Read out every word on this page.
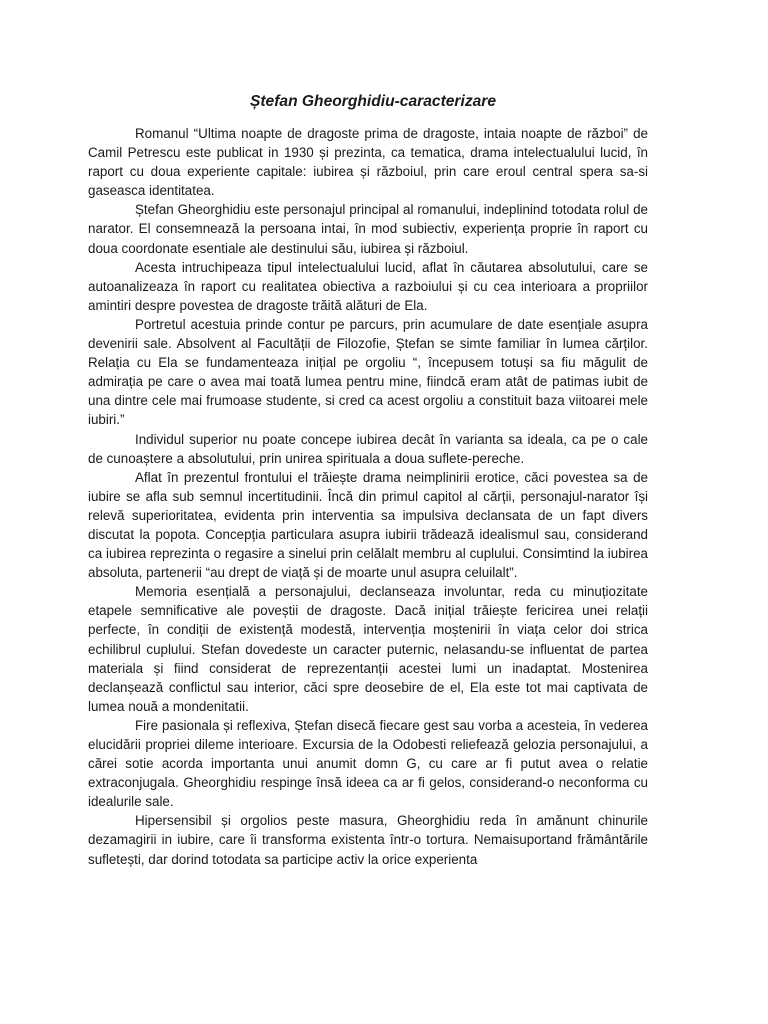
Ștefan Gheorghidiu-caracterizare

Romanul “Ultima noapte de dragoste prima de dragoste, intaia noapte de război” de Camil Petrescu este publicat in 1930 și prezinta, ca tematica, drama intelectualului lucid, în raport cu doua experiente capitale: iubirea și războiul, prin care eroul central spera sa-si gaseasca identitatea.

Ștefan Gheorghidiu este personajul principal al romanului, indeplinind totodata rolul de narator. El consemnează la persoana intai, în mod subiectiv, experiența proprie în raport cu doua coordonate esentiale ale destinului său, iubirea și războiul.

Acesta intruchipeaza tipul intelectualului lucid, aflat în căutarea absolutului, care se autoanalizeaza în raport cu realitatea obiectiva a razboiului și cu cea interioara a propriilor amintiri despre povestea de dragoste trăită alături de Ela.

Portretul acestuia prinde contur pe parcurs, prin acumulare de date esențiale asupra devenirii sale. Absolvent al Facultății de Filozofie, Ștefan se simte familiar în lumea cărților. Relația cu Ela se fundamenteaza inițial pe orgoliu “, începusem totuși sa fiu măgulit de admirația pe care o avea mai toată lumea pentru mine, fiindcă eram atât de patimas iubit de una dintre cele mai frumoase studente, si cred ca acest orgoliu a constituit baza viitoarei mele iubiri.”

Individul superior nu poate concepe iubirea decât în varianta sa ideala, ca pe o cale de cunoaștere a absolutului, prin unirea spirituala a doua suflete-pereche.

Aflat în prezentul frontului el trăiește drama neimplinirii erotice, căci povestea sa de iubire se afla sub semnul incertitudinii. Încă din primul capitol al cărții, personajul-narator își relevă superioritatea, evidenta prin interventia sa impulsiva declansata de un fapt divers discutat la popota. Concepția particulara asupra iubirii trădează idealismul sau, considerand ca iubirea reprezinta o regasire a sinelui prin celălalt membru al cuplului. Consimtind la iubirea absoluta, partenerii “au drept de viață și de moarte unul asupra celuilalt”.

Memoria esențială a personajului, declanseaza involuntar, reda cu minuțiozitate etapele semnificative ale poveștii de dragoste. Dacă inițial trăiește fericirea unei relații perfecte, în condiții de existență modestă, intervenția moștenirii în viața celor doi strica echilibrul cuplului. Stefan dovedeste un caracter puternic, nelasandu-se influentat de partea materiala și fiind considerat de reprezentanții acestei lumi un inadaptat. Mostenirea declanșează conflictul sau interior, căci spre deosebire de el, Ela este tot mai captivata de lumea nouă a mondenitatii.

Fire pasionala și reflexiva, Ștefan disecă fiecare gest sau vorba a acesteia, în vederea elucidării propriei dileme interioare. Excursia de la Odobesti reliefează gelozia personajului, a cărei sotie acorda importanta unui anumit domn G, cu care ar fi putut avea o relatie extraconjugala. Gheorghidiu respinge însă ideea ca ar fi gelos, considerand-o neconforma cu idealurile sale.

Hipersensibil și orgolios peste masura, Gheorghidiu reda în amănunt chinurile dezamagirii in iubire, care îi transforma existenta într-o tortura. Nemaisuportand frământările sufletești, dar dorind totodata sa participe activ la orice experienta
